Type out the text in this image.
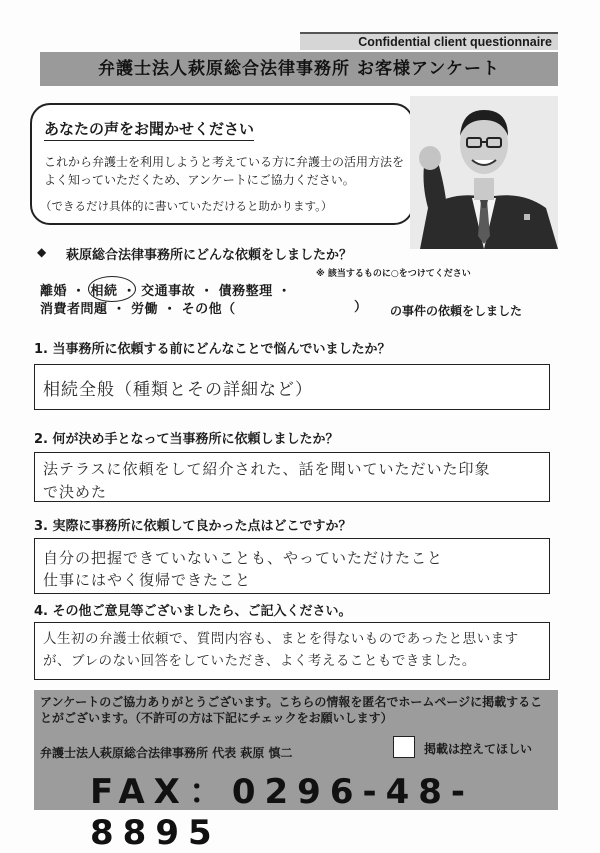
Confidential client questionnaire
弁護士法人萩原総合法律事務所 お客様アンケート
あなたの声をお聞かせください
これから弁護士を利用しようと考えている方に弁護士の活用方法をよく知っていただくため、アンケートにご協力ください。
（できるだけ具体的に書いていただけると助かります。）
◆ 萩原総合法律事務所にどんな依頼をしましたか？
※ 該当するものに○をつけてください
離婚 ・ 相続 ・ 交通事故 ・ 債務整理 ・
消費者問題 ・ 労働 ・ その他（	） の事件の依頼をしました
1. 当事務所に依頼する前にどんなことで悩んでいましたか？
相続全般（種類とその詳細など）
2. 何が決め手となって当事務所に依頼しましたか？
法テラスに依頼をして紹介された、話を聞いていただいた印象
で決めた
3. 実際に事務所に依頼して良かった点はどこですか？
自分の把握できていないことも、やっていただけたこと
仕事にはやく復帰できたこと
4. その他ご意見等ございましたら、ご記入ください。
人生初の弁護士依頼で、質問内容も、まとを得ないものであったと思いますが、ブレのない回答をしていただき、よく考えることもできました。
アンケートのご協力ありがとうございます。こちらの情報を匿名でホームページに掲載することがございます。（不許可の方は下記にチェックをお願いします）
弁護士法人萩原総合法律事務所 代表 萩原 慎二	掲載は控えてほしい
FAX：0296-48-8895
